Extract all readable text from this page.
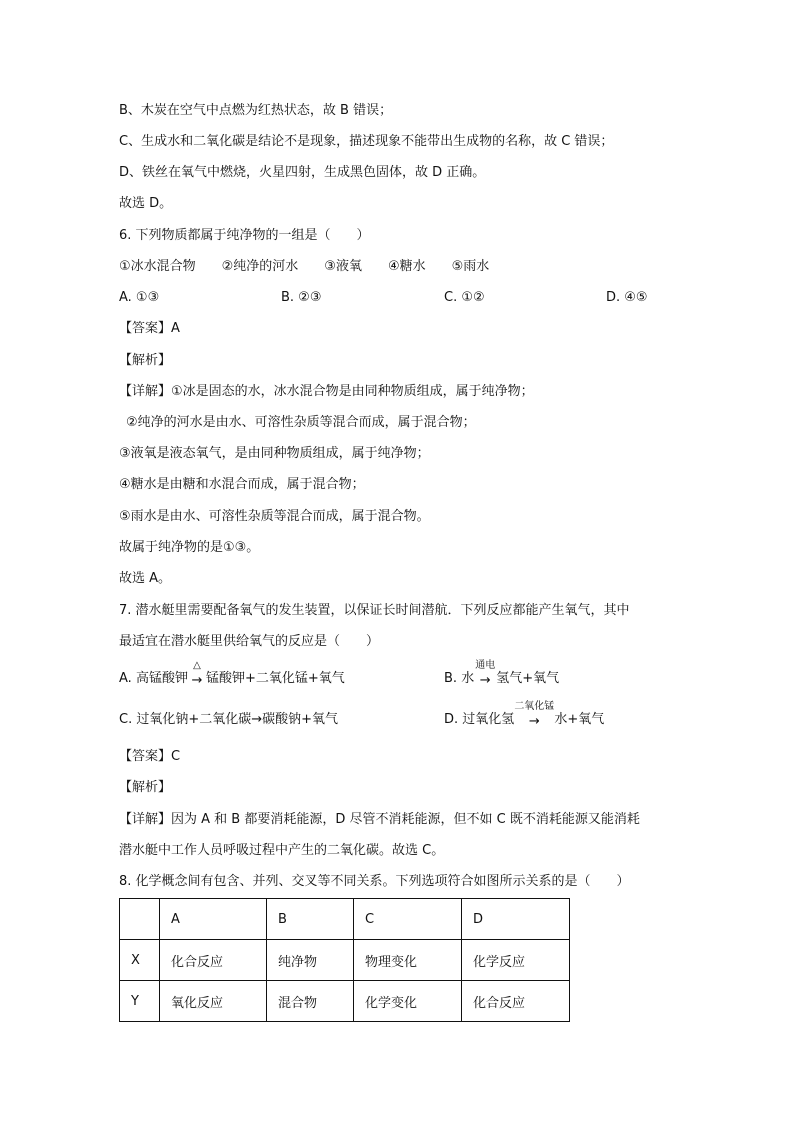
B、木炭在空气中点燃为红热状态，故 B 错误；
C、生成水和二氧化碳是结论不是现象，描述现象不能带出生成物的名称，故 C 错误；
D、铁丝在氧气中燃烧，火星四射，生成黑色固体，故 D 正确。
故选 D。
6. 下列物质都属于纯净物的一组是（　　）
①冰水混合物　　②纯净的河水　　③液氧　　④糖水　　⑤雨水
A. ①③	B. ②③	C. ①②	D. ④⑤
【答案】A
【解析】
【详解】①冰是固态的水，冰水混合物是由同种物质组成，属于纯净物；
②纯净的河水是由水、可溶性杂质等混合而成，属于混合物；
③液氧是液态氧气，是由同种物质组成，属于纯净物；
④糖水是由糖和水混合而成，属于混合物；
⑤雨水是由水、可溶性杂质等混合而成，属于混合物。
故属于纯净物的是①③。
故选 A。
7. 潜水艇里需要配备氧气的发生装置，以保证长时间潜航．下列反应都能产生氧气，其中
最适宜在潜水艇里供给氧气的反应是（　　）
A. 高锰酸钾
△
→ 锰酸钾+二氧化锰+氧气	B. 水
通电
→ 氢气+氧气
C. 过氧化钠+二氧化碳→碳酸钠+氧气	D. 过氧化氢
二氧化锰
→	水+氧气
【答案】C
【解析】
【详解】因为 A 和 B 都要消耗能源，D 尽管不消耗能源，但不如 C 既不消耗能源又能消耗
潜水艇中工作人员呼吸过程中产生的二氧化碳。故选 C。
8. 化学概念间有包含、并列、交叉等不同关系。下列选项符合如图所示关系的是（　　）
	A	B	C	D
X	化合反应	纯净物	物理变化	化学反应
Y	氧化反应	混合物	化学变化	化合反应
